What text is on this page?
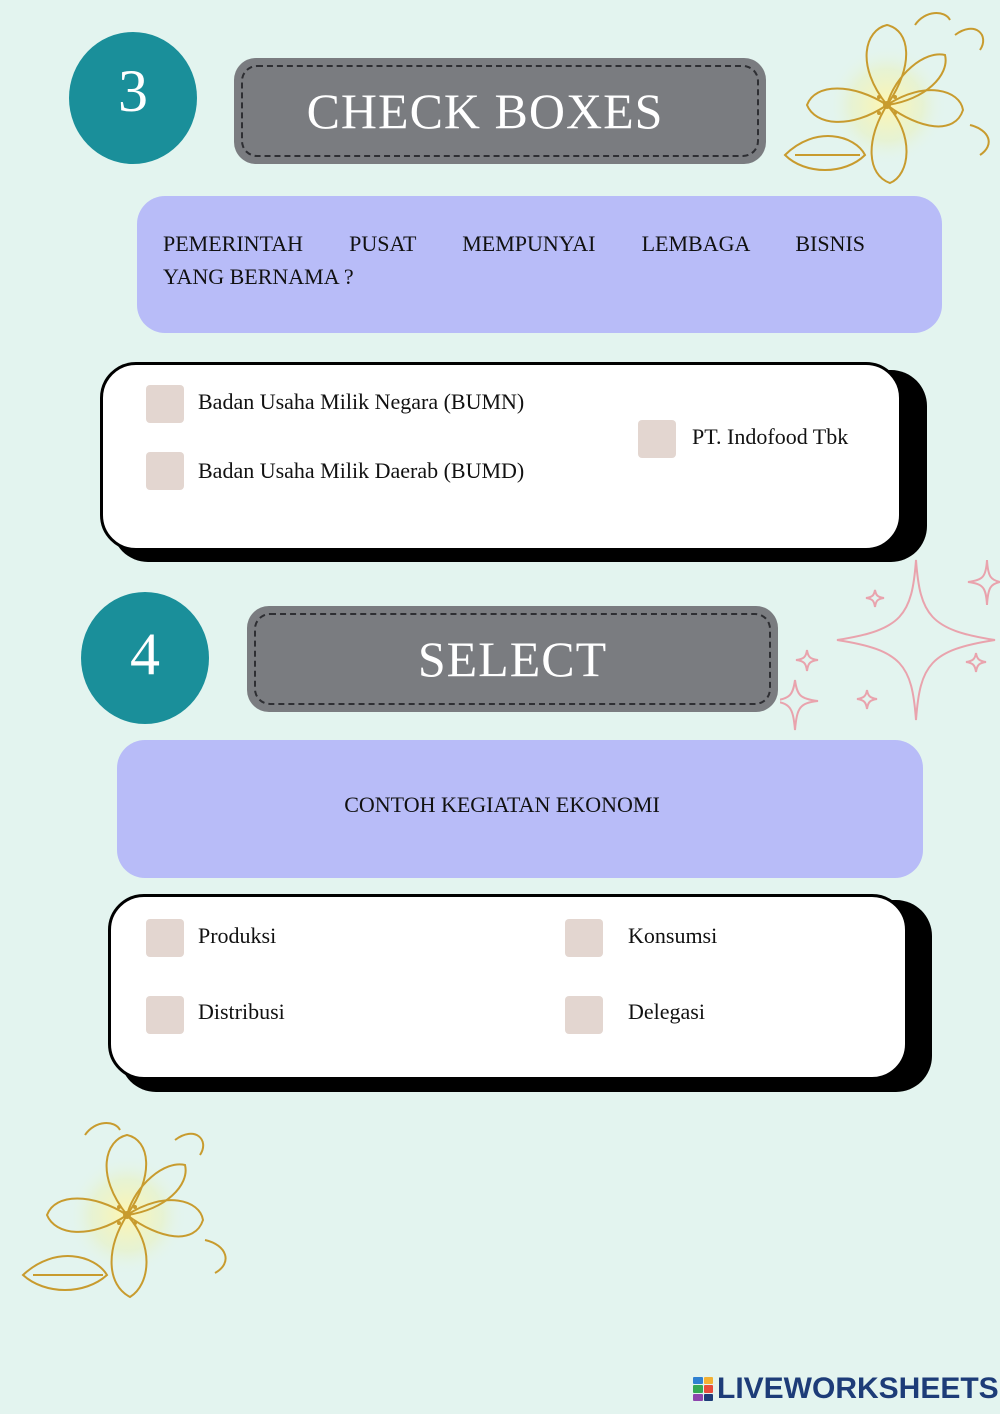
3	CHECK BOXES
PEMERINTAH PUSAT MEMPUNYAI LEMBAGA BISNIS
YANG BERNAMA ?
Badan Usaha Milik Negara (BUMN)
Badan Usaha Milik Daerab (BUMD)
PT. Indofood Tbk
4	SELECT
CONTOH KEGIATAN EKONOMI
Produksi	Konsumsi
Distribusi	Delegasi
LIVEWORKSHEETS
